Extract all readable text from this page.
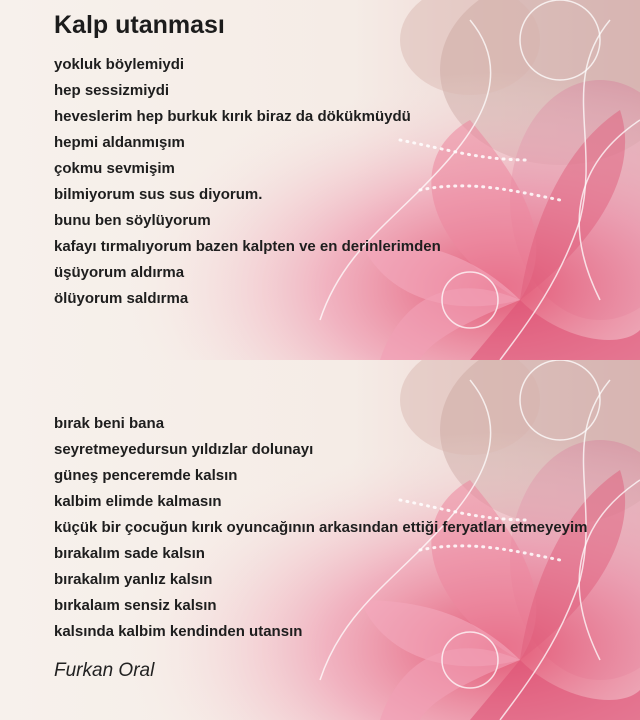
Kalp utanması
yokluk böylemiydi
hep sessizmiydi
heveslerim hep burkuk kırık biraz da dökükmüydü
hepmi aldanmışım
çokmu sevmişim
bilmiyorum sus sus diyorum.
bunu ben söylüyorum
kafayı tırmalıyorum bazen kalpten ve en derinlerimden
üşüyorum aldırma
ölüyorum saldırma
bırak beni bana
seyretmeyedursun yıldızlar dolunayı
güneş penceremde kalsın
kalbim elimde kalmasın
küçük bir çocuğun kırık oyuncağının arkasından ettiği feryatları etmeyeyim
bırakalım sade kalsın
bırakalım yanlız kalsın
bırkalaım sensiz kalsın
kalsında kalbim kendinden utansın
Furkan Oral
